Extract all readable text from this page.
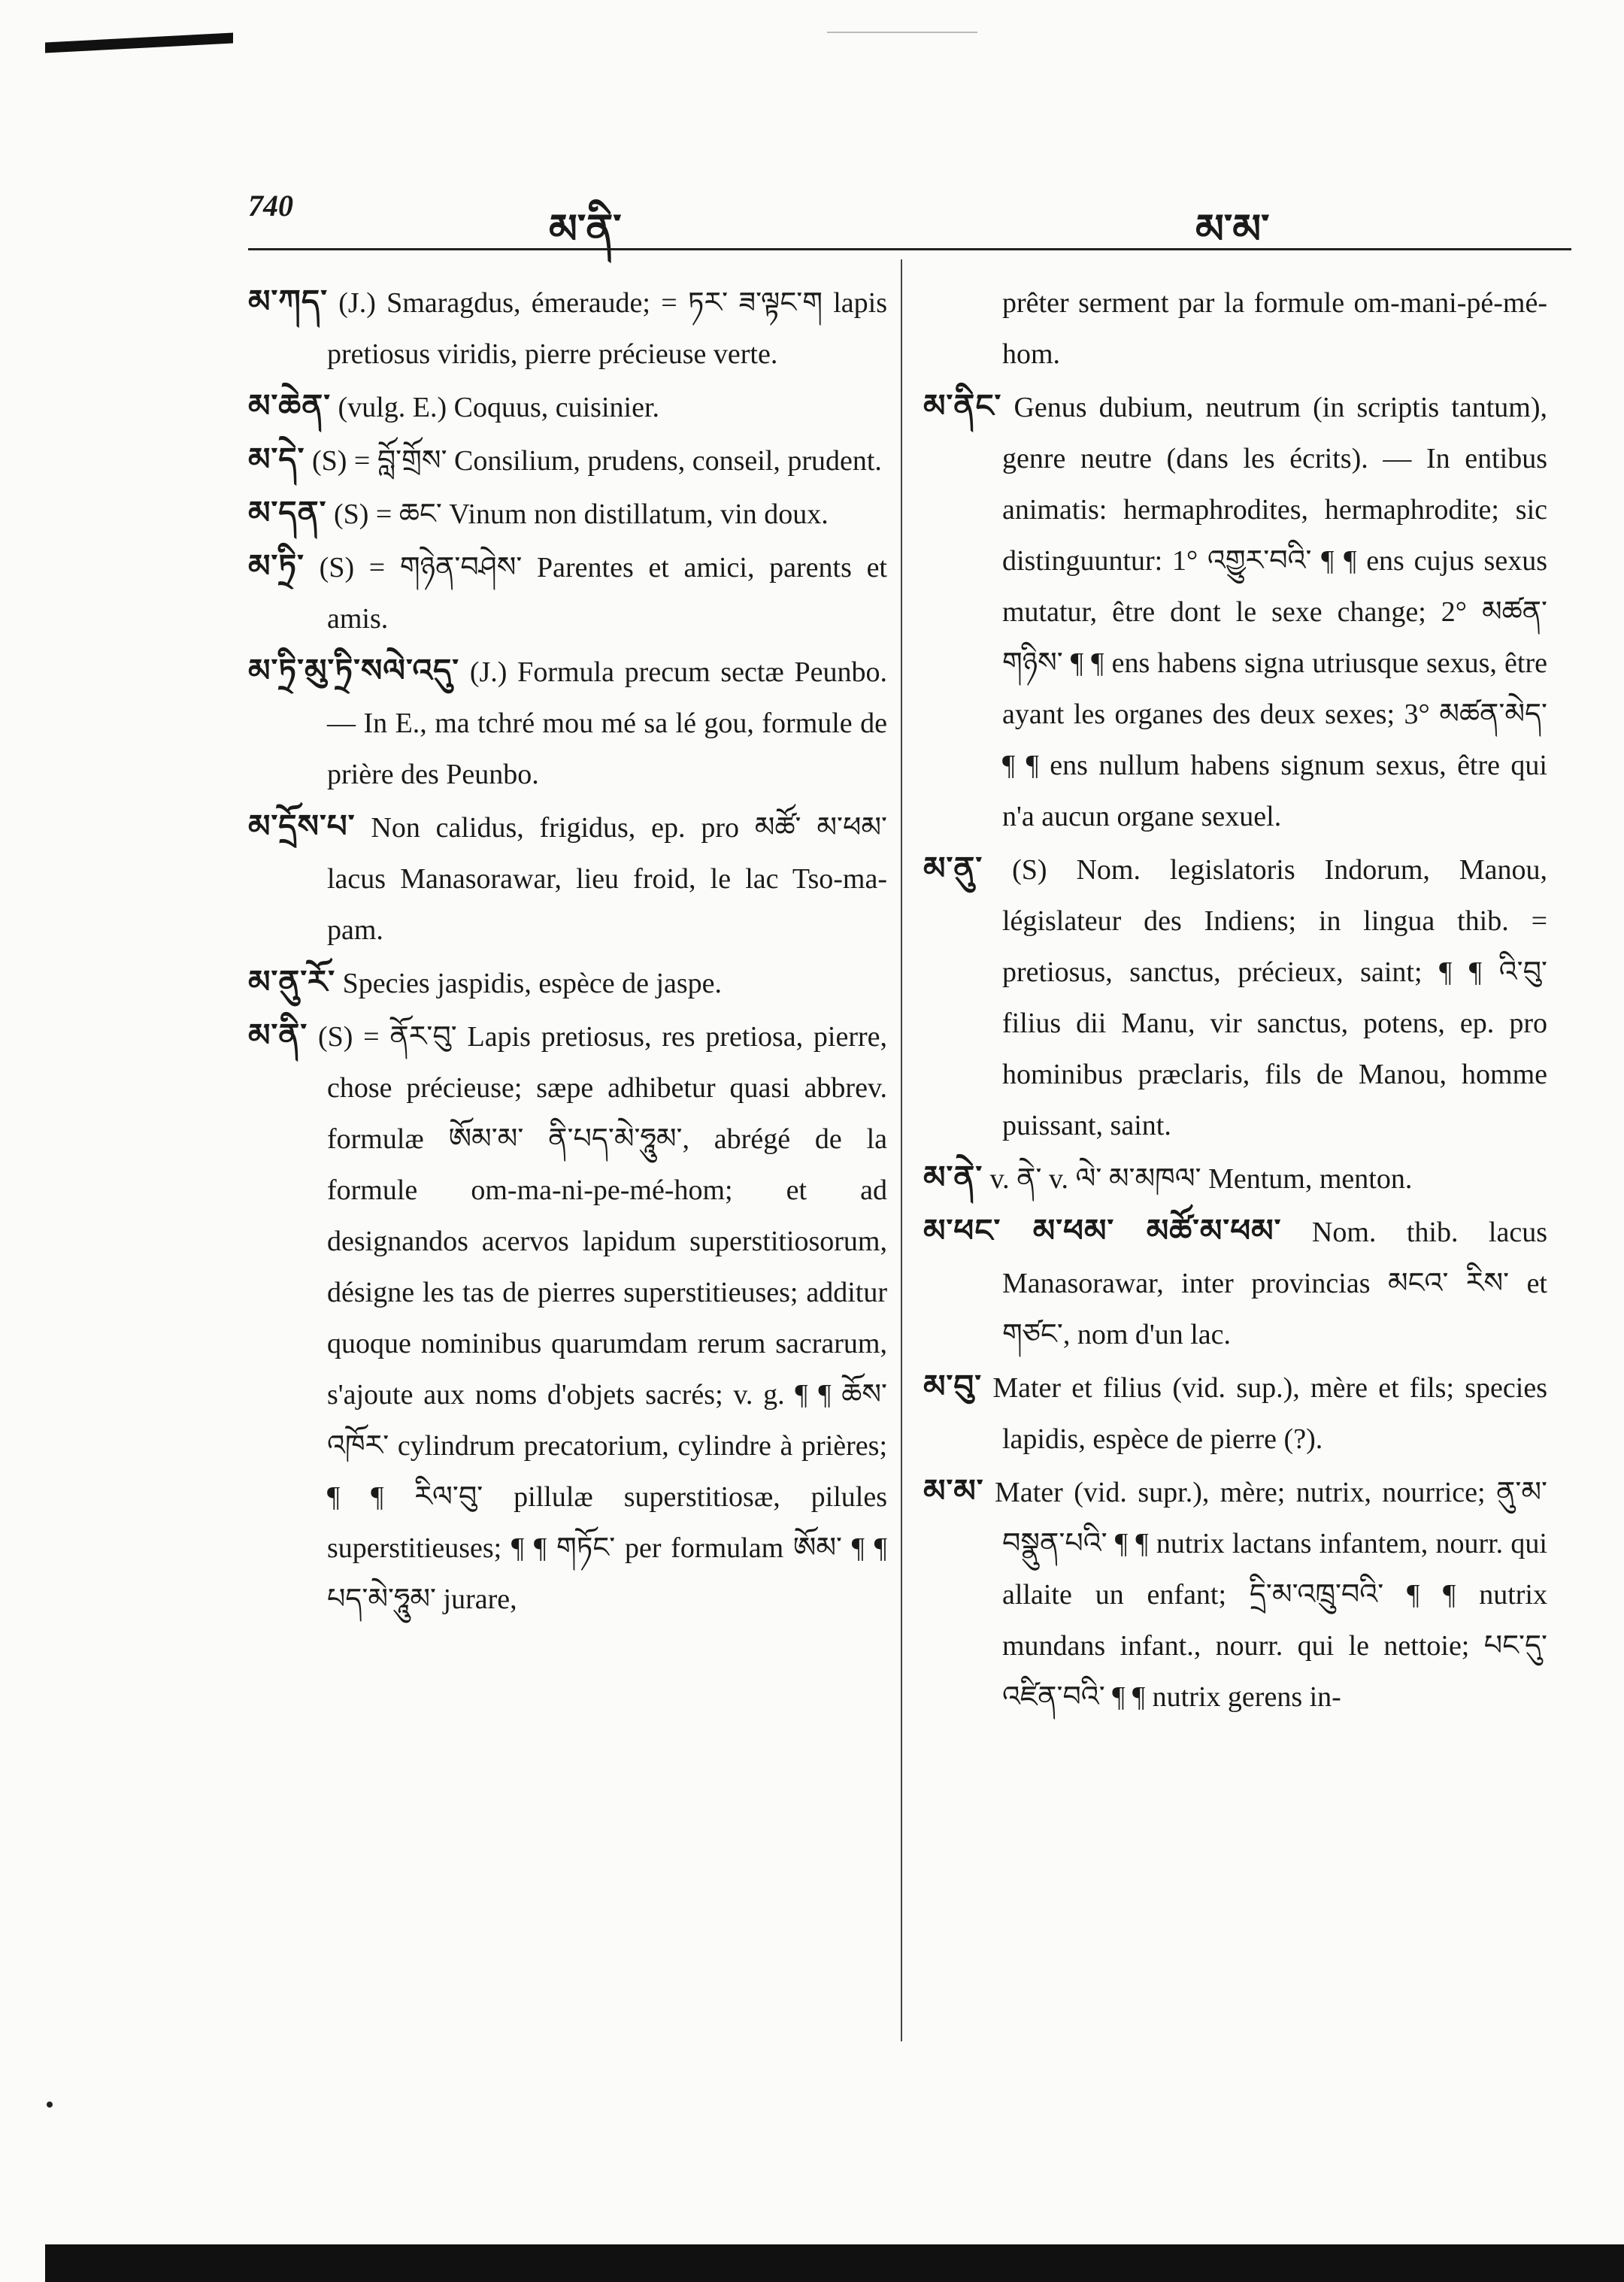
740
མ་ནི་	མ་མ་

མ་ཀད་ (J.) Smaragdus, émeraude; = ཏར་ ཟ་ལྟང་ག lapis pretiosus viridis, pierre précieuse verte.

མ་ཆེན་ (vulg. E.) Coquus, cuisinier.

མ་དེ་ (S) = བློ་གྲོས་ Consilium, prudens, conseil, prudent.

མ་དན་ (S) = ཆང་ Vinum non distillatum, vin doux.

མ་ཏྲི་ (S) = གཉེན་བཤེས་ Parentes et amici, parents et amis.

མ་ཏྲི་མུ་ཏྲི་སལེ་འདུ་ (J.) Formula precum sectæ Peunbo. — In E., ma tchré mou mé sa lé gou, formule de prière des Peunbo.

མ་དྲོས་པ་ Non calidus, frigidus, ep. pro མཚོ་ མ་ཕམ་ lacus Manasorawar, lieu froid, le lac Tso-ma-pam.

མ་ནུ་རོ་ Species jaspidis, espèce de jaspe.

མ་ནི་ (S) = ནོར་བུ་ Lapis pretiosus, res pretiosa, pierre, chose précieuse; sæpe adhibetur quasi abbrev. formulæ ཨོམ་མ་ ནི་པད་མེ་ཧཱུམ་, abrégé de la formule om-ma-ni-pe-mé-hom; et ad designandos acervos lapidum superstitiosorum, désigne les tas de pierres superstitieuses; additur quoque nominibus quarumdam rerum sacrarum, s'ajoute aux noms d'objets sacrés; v. g. ¶ ¶ ཆོས་འཁོར་ cylindrum precatorium, cylindre à prières; ¶ ¶ རིལ་བུ་ pillulæ superstitiosæ, pilules superstitieuses; ¶ ¶ གཏོང་ per formulam ཨོམ་ ¶ ¶ པད་མེ་ཧཱུམ་ jurare,

prêter serment par la formule om-mani-pé-mé-hom.

མ་ནིང་ Genus dubium, neutrum (in scriptis tantum), genre neutre (dans les écrits). — In entibus animatis: hermaphrodites, hermaphrodite; sic distinguuntur: 1° འགྱུར་བའི་ ¶ ¶ ens cujus sexus mutatur, être dont le sexe change; 2° མཚན་གཉིས་ ¶ ¶ ens habens signa utriusque sexus, être ayant les organes des deux sexes; 3° མཚན་མེད་ ¶ ¶ ens nullum habens signum sexus, être qui n'a aucun organe sexuel.

མ་ནུ་ (S) Nom. legislatoris Indorum, Manou, législateur des Indiens; in lingua thib. = pretiosus, sanctus, précieux, saint; ¶ ¶ འི་བུ་ filius dii Manu, vir sanctus, potens, ep. pro hominibus præclaris, fils de Manou, homme puissant, saint.

མ་ནེ་ v. ནེ་ v. ལེ་ མ་མཁལ་ Mentum, menton.

མ་ཕང་ མ་ཕམ་ མཚོ་མ་ཕམ་ Nom. thib. lacus Manasorawar, inter provincias མངའ་ རིས་ et གཙང་, nom d'un lac.

མ་བུ་ Mater et filius (vid. sup.), mère et fils; species lapidis, espèce de pierre (?).

མ་མ་ Mater (vid. supr.), mère; nutrix, nourrice; ནུ་མ་བསྣུན་པའི་ ¶ ¶ nutrix lactans infantem, nourr. qui allaite un enfant; དྲི་མ་འཁྲུ་བའི་ ¶ ¶ nutrix mundans infant., nourr. qui le nettoie; པང་དུ་འཛིན་བའི་ ¶ ¶ nutrix gerens in-
